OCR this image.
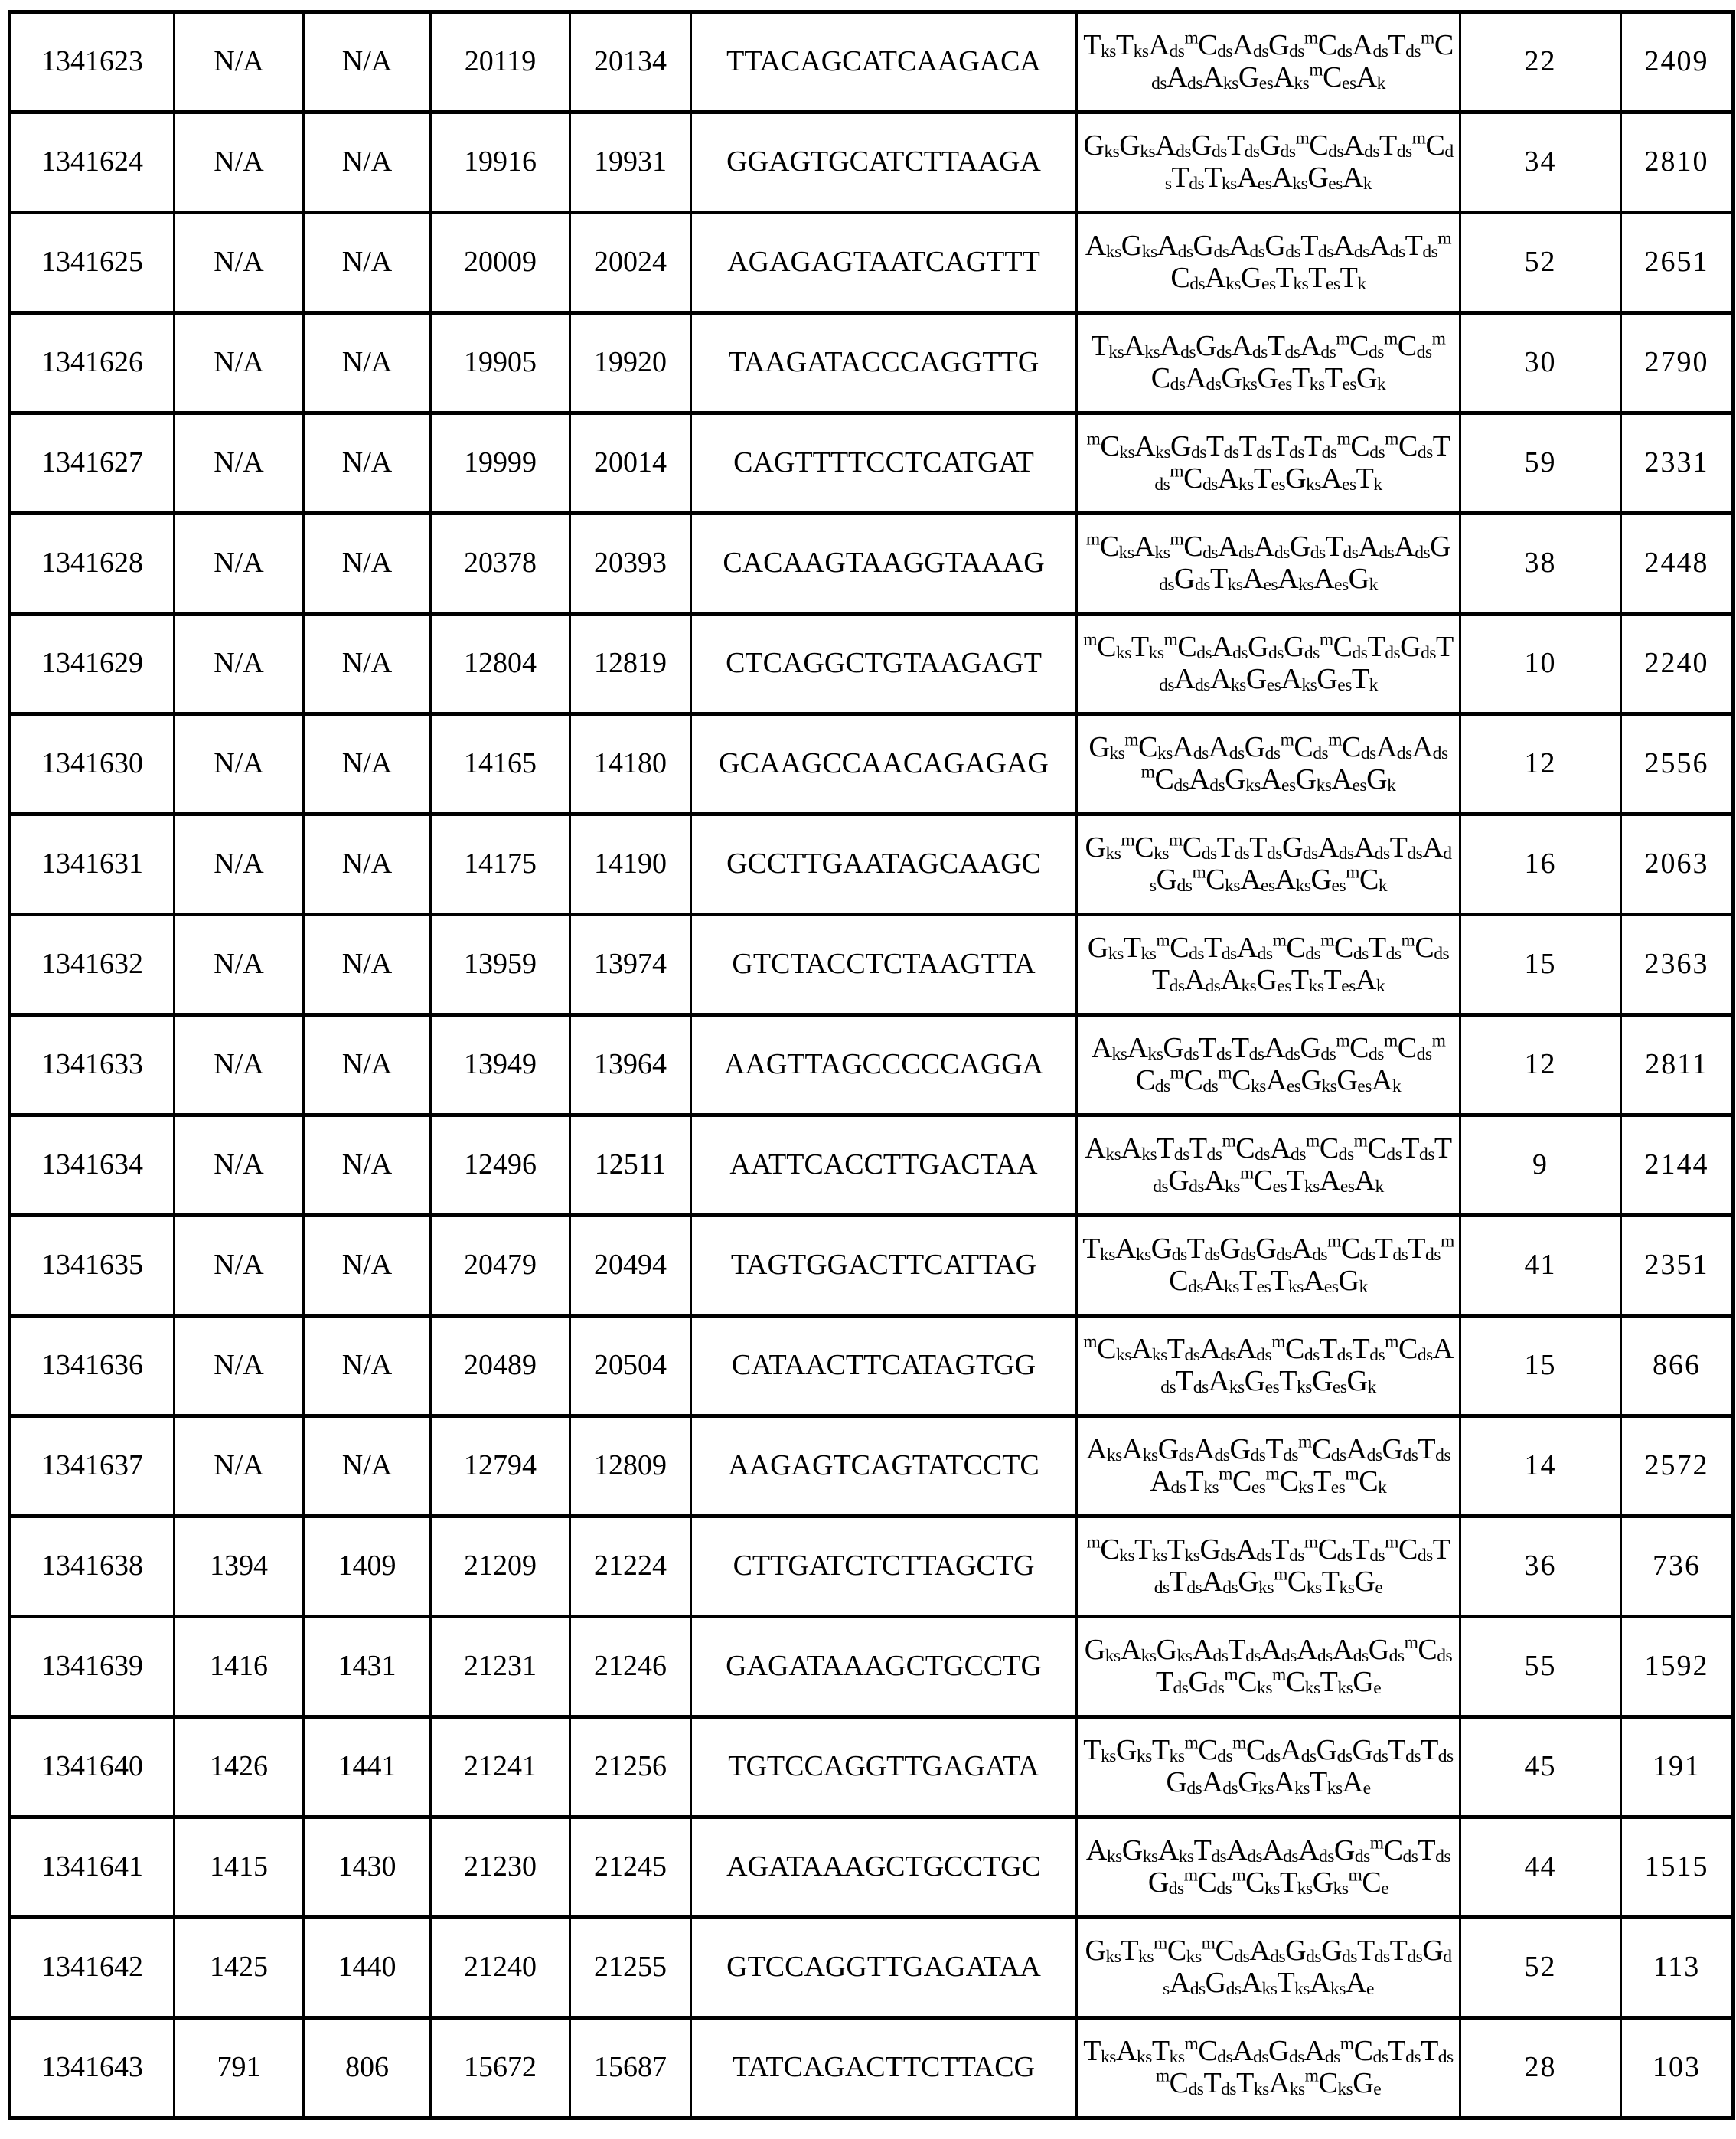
1341623	N/A	N/A	20119	20134	TTACAGCATCAAGACA	$T_{ks}T_{ks}A_{ds}^mC_{ds}A_{ds}G_{ds}^mC_{ds}A_{ds}T_{ds}^mC_{ds}A_{ds}A_{ks}G_{es}A_{ks}^mC_{es}A_k$	22	2409
1341624	N/A	N/A	19916	19931	GGAGTGCATCTTAAGA	$G_{ks}G_{ks}A_{ds}G_{ds}T_{ds}G_{ds}^mC_{ds}A_{ds}T_{ds}^mC_{ds}T_{ds}T_{ks}A_{es}A_{ks}G_{es}A_k$	34	2810
1341625	N/A	N/A	20009	20024	AGAGAGTAATCAGTTT	$A_{ks}G_{ks}A_{ds}G_{ds}A_{ds}G_{ds}T_{ds}A_{ds}A_{ds}T_{ds}^mC_{ds}A_{ks}G_{es}T_{ks}T_{es}T_k$	52	2651
1341626	N/A	N/A	19905	19920	TAAGATACCCAGGTTG	$T_{ks}A_{ks}A_{ds}G_{ds}A_{ds}T_{ds}A_{ds}^mC_{ds}^mC_{ds}^mC_{ds}A_{ds}G_{ks}G_{es}T_{ks}T_{es}G_k$	30	2790
1341627	N/A	N/A	19999	20014	CAGTTTTCCTCATGAT	$^mC_{ks}A_{ks}G_{ds}T_{ds}T_{ds}T_{ds}T_{ds}^mC_{ds}^mC_{ds}T_{ds}^mC_{ds}A_{ks}T_{es}G_{ks}A_{es}T_k$	59	2331
1341628	N/A	N/A	20378	20393	CACAAGTAAGGTAAAG	$^mC_{ks}A_{ks}^mC_{ds}A_{ds}A_{ds}G_{ds}T_{ds}A_{ds}A_{ds}G_{ds}G_{ds}T_{ks}A_{es}A_{ks}A_{es}G_k$	38	2448
1341629	N/A	N/A	12804	12819	CTCAGGCTGTAAGAGT	$^mC_{ks}T_{ks}^mC_{ds}A_{ds}G_{ds}G_{ds}^mC_{ds}T_{ds}G_{ds}T_{ds}A_{ds}A_{ks}G_{es}A_{ks}G_{es}T_k$	10	2240
1341630	N/A	N/A	14165	14180	GCAAGCCAACAGAGAG	$G_{ks}^mC_{ks}A_{ds}A_{ds}G_{ds}^mC_{ds}^mC_{ds}A_{ds}A_{ds}^mC_{ds}A_{ds}G_{ks}A_{es}G_{ks}A_{es}G_k$	12	2556
1341631	N/A	N/A	14175	14190	GCCTTGAATAGCAAGC	$G_{ks}^mC_{ks}^mC_{ds}T_{ds}T_{ds}G_{ds}A_{ds}A_{ds}T_{ds}A_{ds}G_{ds}^mC_{ks}A_{es}A_{ks}G_{es}^mC_k$	16	2063
1341632	N/A	N/A	13959	13974	GTCTACCTCTAAGTTA	$G_{ks}T_{ks}^mC_{ds}T_{ds}A_{ds}^mC_{ds}^mC_{ds}T_{ds}^mC_{ds}T_{ds}A_{ds}A_{ks}G_{es}T_{ks}T_{es}A_k$	15	2363
1341633	N/A	N/A	13949	13964	AAGTTAGCCCCCAGGA	$A_{ks}A_{ks}G_{ds}T_{ds}T_{ds}A_{ds}G_{ds}^mC_{ds}^mC_{ds}^mC_{ds}^mC_{ds}^mC_{ks}A_{es}G_{ks}G_{es}A_k$	12	2811
1341634	N/A	N/A	12496	12511	AATTCACCTTGACTAA	$A_{ks}A_{ks}T_{ds}T_{ds}^mC_{ds}A_{ds}^mC_{ds}^mC_{ds}T_{ds}T_{ds}G_{ds}A_{ks}^mC_{es}T_{ks}A_{es}A_k$	9	2144
1341635	N/A	N/A	20479	20494	TAGTGGACTTCATTAG	$T_{ks}A_{ks}G_{ds}T_{ds}G_{ds}G_{ds}A_{ds}^mC_{ds}T_{ds}T_{ds}^mC_{ds}A_{ks}T_{es}T_{ks}A_{es}G_k$	41	2351
1341636	N/A	N/A	20489	20504	CATAACTTCATAGTGG	$^mC_{ks}A_{ks}T_{ds}A_{ds}A_{ds}^mC_{ds}T_{ds}T_{ds}^mC_{ds}A_{ds}T_{ds}A_{ks}G_{es}T_{ks}G_{es}G_k$	15	866
1341637	N/A	N/A	12794	12809	AAGAGTCAGTATCCTC	$A_{ks}A_{ks}G_{ds}A_{ds}G_{ds}T_{ds}^mC_{ds}A_{ds}G_{ds}T_{ds}A_{ds}T_{ks}^mC_{es}^mC_{ks}T_{es}^mC_k$	14	2572
1341638	1394	1409	21209	21224	CTTGATCTCTTAGCTG	$^mC_{ks}T_{ks}T_{ks}G_{ds}A_{ds}T_{ds}^mC_{ds}T_{ds}^mC_{ds}T_{ds}T_{ds}A_{ds}G_{ks}^mC_{ks}T_{ks}G_e$	36	736
1341639	1416	1431	21231	21246	GAGATAAAGCTGCCTG	$G_{ks}A_{ks}G_{ks}A_{ds}T_{ds}A_{ds}A_{ds}A_{ds}G_{ds}^mC_{ds}T_{ds}G_{ds}^mC_{ks}^mC_{ks}T_{ks}G_e$	55	1592
1341640	1426	1441	21241	21256	TGTCCAGGTTGAGATA	$T_{ks}G_{ks}T_{ks}^mC_{ds}^mC_{ds}A_{ds}G_{ds}G_{ds}T_{ds}T_{ds}G_{ds}A_{ds}G_{ks}A_{ks}T_{ks}A_e$	45	191
1341641	1415	1430	21230	21245	AGATAAAGCTGCCTGC	$A_{ks}G_{ks}A_{ks}T_{ds}A_{ds}A_{ds}A_{ds}G_{ds}^mC_{ds}T_{ds}G_{ds}^mC_{ds}^mC_{ks}T_{ks}G_{ks}^mC_e$	44	1515
1341642	1425	1440	21240	21255	GTCCAGGTTGAGATAA	$G_{ks}T_{ks}^mC_{ks}^mC_{ds}A_{ds}G_{ds}G_{ds}T_{ds}T_{ds}G_{ds}A_{ds}G_{ds}A_{ks}T_{ks}A_{ks}A_e$	52	113
1341643	791	806	15672	15687	TATCAGACTTCTTACG	$T_{ks}A_{ks}T_{ks}^mC_{ds}A_{ds}G_{ds}A_{ds}^mC_{ds}T_{ds}T_{ds}^mC_{ds}T_{ds}T_{ks}A_{ks}^mC_{ks}G_e$	28	103
